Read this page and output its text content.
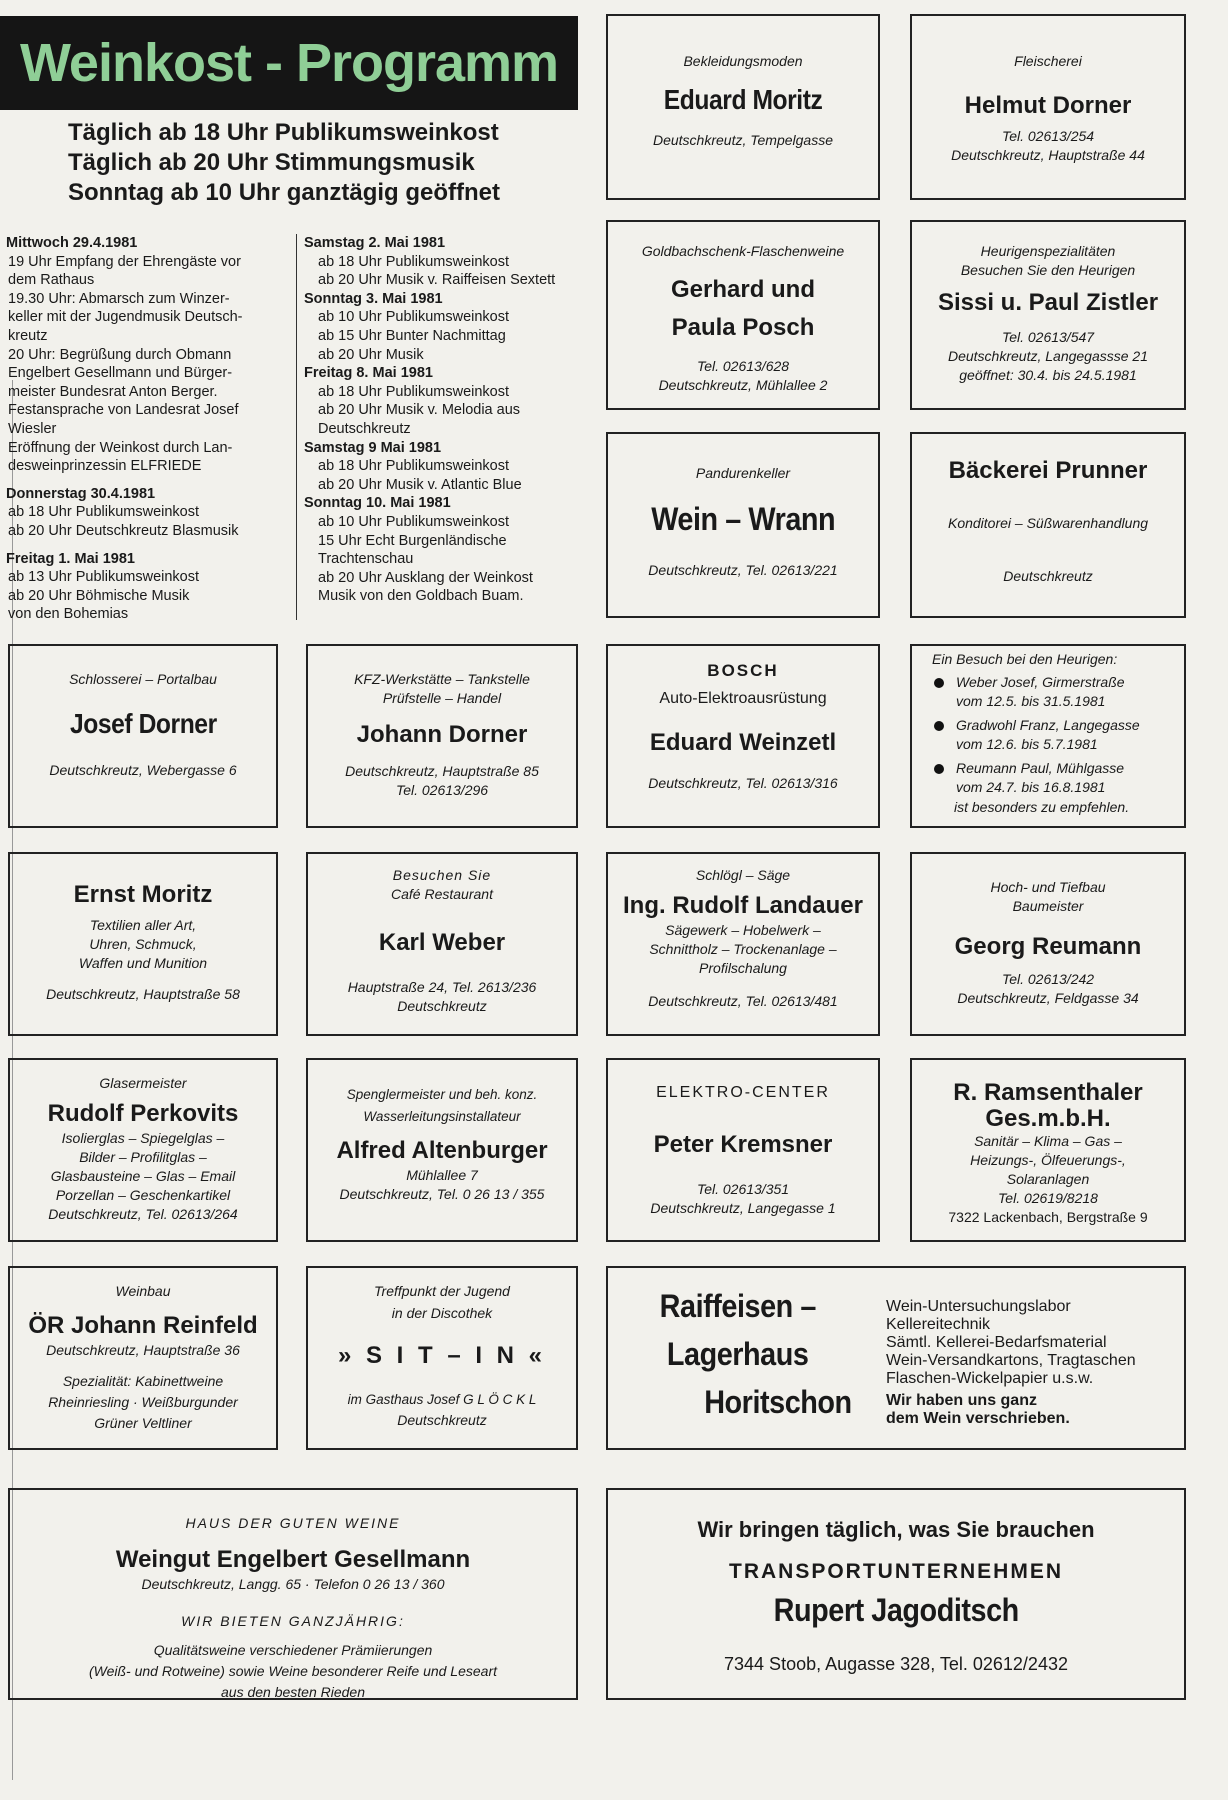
Weinkost - Programm
Täglich ab 18 Uhr Publikumsweinkost
Täglich ab 20 Uhr Stimmungsmusik
Sonntag ab 10 Uhr ganztägig geöffnet
Mittwoch 29.4.1981
19 Uhr Empfang der Ehrengäste vor
dem Rathaus
19.30 Uhr: Abmarsch zum Winzer-
keller mit der Jugendmusik Deutsch-
kreutz
20 Uhr: Begrüßung durch Obmann
Engelbert Gesellmann und Bürger-
meister Bundesrat Anton Berger.
Festansprache von Landesrat Josef
Wiesler
Eröffnung der Weinkost durch Lan-
desweinprinzessin ELFRIEDE
Donnerstag 30.4.1981
ab 18 Uhr Publikumsweinkost
ab 20 Uhr Deutschkreutz Blasmusik
Freitag 1. Mai 1981
ab 13 Uhr Publikumsweinkost
ab 20 Uhr Böhmische Musik
von den Bohemias
Samstag 2. Mai 1981
ab 18 Uhr Publikumsweinkost
ab 20 Uhr Musik v. Raiffeisen Sextett
Sonntag 3. Mai 1981
ab 10 Uhr Publikumsweinkost
ab 15 Uhr Bunter Nachmittag
ab 20 Uhr Musik
Freitag 8. Mai 1981
ab 18 Uhr Publikumsweinkost
ab 20 Uhr Musik v. Melodia aus
Deutschkreutz
Samstag 9 Mai 1981
ab 18 Uhr Publikumsweinkost
ab 20 Uhr Musik v. Atlantic Blue
Sonntag 10. Mai 1981
ab 10 Uhr Publikumsweinkost
15 Uhr Echt Burgenländische
Trachtenschau
ab 20 Uhr Ausklang der Weinkost
Musik von den Goldbach Buam.
Bekleidungsmoden
Eduard Moritz
Deutschkreutz, Tempelgasse
Fleischerei
Helmut Dorner
Tel. 02613/254
Deutschkreutz, Hauptstraße 44
Goldbachschenk-Flaschenweine
Gerhard und
Paula Posch
Tel. 02613/628
Deutschkreutz, Mühlallee 2
Heurigenspezialitäten
Besuchen Sie den Heurigen
Sissi u. Paul Zistler
Tel. 02613/547
Deutschkreutz, Langegassse 21
geöffnet: 30.4. bis 24.5.1981
Pandurenkeller
Wein – Wrann
Deutschkreutz, Tel. 02613/221
Bäckerei Prunner
Konditorei – Süßwarenhandlung
Deutschkreutz
Schlosserei – Portalbau
Josef Dorner
Deutschkreutz, Webergasse 6
KFZ-Werkstätte – Tankstelle
Prüfstelle – Handel
Johann Dorner
Deutschkreutz, Hauptstraße 85
Tel. 02613/296
BOSCH
Auto-Elektroausrüstung
Eduard Weinzetl
Deutschkreutz, Tel. 02613/316
Ein Besuch bei den Heurigen:
Weber Josef, Girmerstraße
vom 12.5. bis 31.5.1981
Gradwohl Franz, Langegasse
vom 12.6. bis 5.7.1981
Reumann Paul, Mühlgasse
vom 24.7. bis 16.8.1981
ist besonders zu empfehlen.
Ernst Moritz
Textilien aller Art,
Uhren, Schmuck,
Waffen und Munition
Deutschkreutz, Hauptstraße 58
Besuchen Sie
Café Restaurant
Karl Weber
Hauptstraße 24, Tel. 2613/236
Deutschkreutz
Schlögl – Säge
Ing. Rudolf Landauer
Sägewerk – Hobelwerk –
Schnittholz – Trockenanlage –
Profilschalung
Deutschkreutz, Tel. 02613/481
Hoch- und Tiefbau
Baumeister
Georg Reumann
Tel. 02613/242
Deutschkreutz, Feldgasse 34
Glasermeister
Rudolf Perkovits
Isolierglas – Spiegelglas –
Bilder – Profilitglas –
Glasbausteine – Glas – Email
Porzellan – Geschenkartikel
Deutschkreutz, Tel. 02613/264
Spenglermeister und beh. konz.
Wasserleitungsinstallateur
Alfred Altenburger
Mühlallee 7
Deutschkreutz, Tel. 0 26 13 / 355
ELEKTRO-CENTER
Peter Kremsner
Tel. 02613/351
Deutschkreutz, Langegasse 1
R. Ramsenthaler
Ges.m.b.H.
Sanitär – Klima – Gas –
Heizungs-, Ölfeuerungs-,
Solaranlagen
Tel. 02619/8218
7322 Lackenbach, Bergstraße 9
Weinbau
ÖR Johann Reinfeld
Deutschkreutz, Hauptstraße 36
Spezialität: Kabinettweine
Rheinriesling · Weißburgunder
Grüner Veltliner
Treffpunkt der Jugend
in der Discothek
» S I T – I N «
im Gasthaus Josef G L Ö C K L
Deutschkreutz
Raiffeisen –
Lagerhaus
Horitschon
Wein-Untersuchungslabor
Kellereitechnik
Sämtl. Kellerei-Bedarfsmaterial
Wein-Versandkartons, Tragtaschen
Flaschen-Wickelpapier u.s.w.
Wir haben uns ganz
dem Wein verschrieben.
HAUS DER GUTEN WEINE
Weingut Engelbert Gesellmann
Deutschkreutz, Langg. 65 · Telefon 0 26 13 / 360
WIR BIETEN GANZJÄHRIG:
Qualitätsweine verschiedener Prämiierungen
(Weiß- und Rotweine) sowie Weine besonderer Reife und Leseart
aus den besten Rieden
Wir bringen täglich, was Sie brauchen
TRANSPORTUNTERNEHMEN
Rupert Jagoditsch
7344 Stoob, Augasse 328, Tel. 02612/2432
